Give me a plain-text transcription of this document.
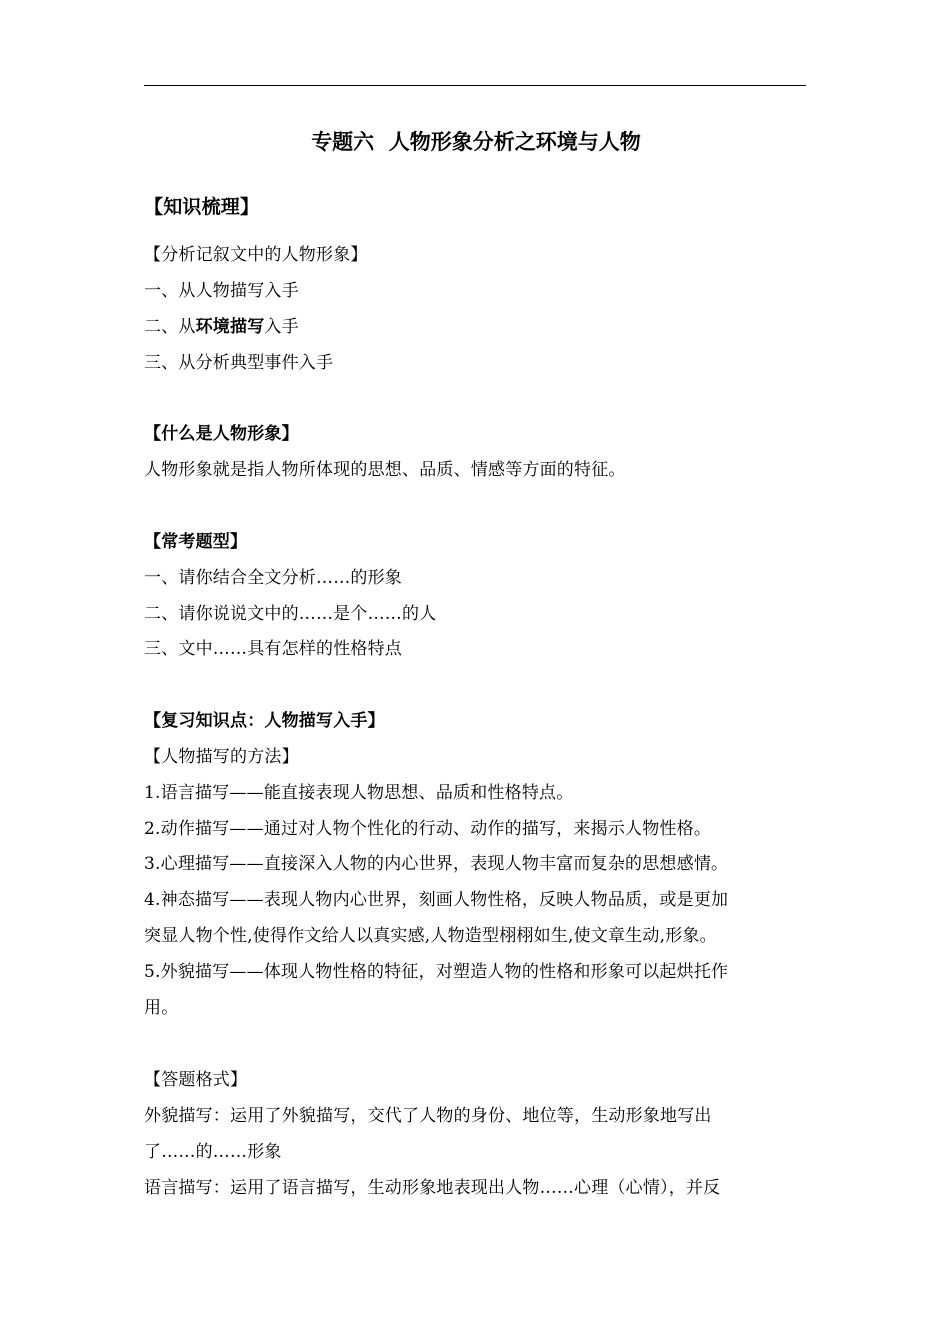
专题六  人物形象分析之环境与人物
【知识梳理】
【分析记叙文中的人物形象】
一、从人物描写入手
二、从环境描写入手
三、从分析典型事件入手
【什么是人物形象】
人物形象就是指人物所体现的思想、品质、情感等方面的特征。
【常考题型】
一、请你结合全文分析……的形象
二、请你说说文中的……是个……的人
三、文中……具有怎样的性格特点
【复习知识点：人物描写入手】
【人物描写的方法】
1.语言描写——能直接表现人物思想、品质和性格特点。
2.动作描写——通过对人物个性化的行动、动作的描写，来揭示人物性格。
3.心理描写——直接深入人物的内心世界，表现人物丰富而复杂的思想感情。
4.神态描写——表现人物内心世界，刻画人物性格，反映人物品质，或是更加
突显人物个性,使得作文给人以真实感,人物造型栩栩如生,使文章生动,形象。
5.外貌描写——体现人物性格的特征，对塑造人物的性格和形象可以起烘托作
用。
【答题格式】
外貌描写：运用了外貌描写，交代了人物的身份、地位等，生动形象地写出
了……的……形象
语言描写：运用了语言描写，生动形象地表现出人物……心理（心情），并反
